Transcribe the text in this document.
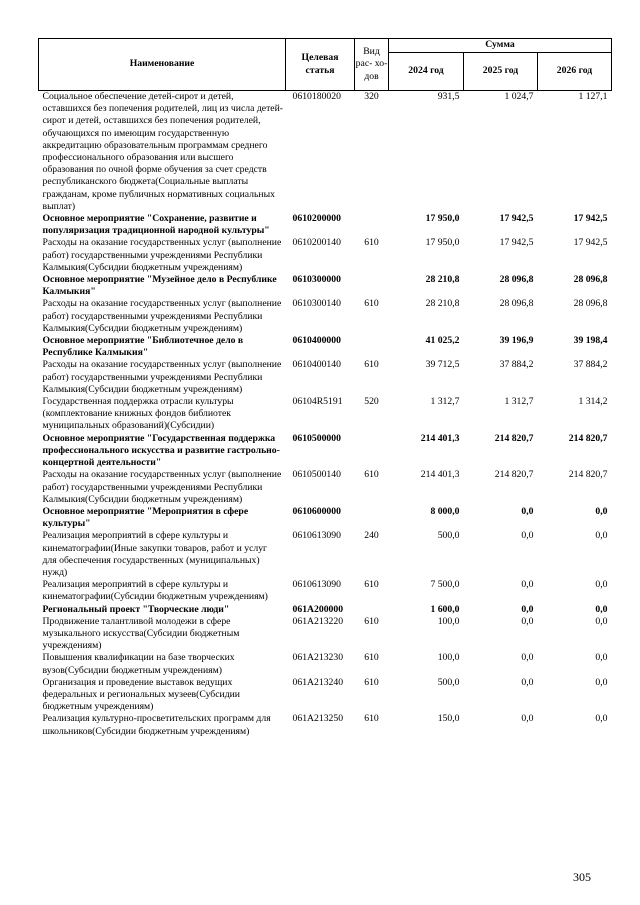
Наименование	Целевая статья	Вид рас- хо- дов	Сумма		
			2024 год	2025 год	2026 год
Социальное обеспечение детей-сирот и детей, оставшихся без попечения родителей, лиц из числа детей-сирот и детей, оставшихся без попечения родителей, обучающихся по имеющим государственную аккредитацию образовательным программам среднего профессионального образования или высшего образования по очной форме обучения за счет средств республиканского бюджета(Социальные выплаты гражданам, кроме публичных нормативных социальных выплат)	0610180020	320	931,5	1 024,7	1 127,1
Основное мероприятие "Сохранение, развитие и популяризация традиционной народной культуры"	0610200000		17 950,0	17 942,5	17 942,5
Расходы на оказание государственных услуг (выполнение работ) государственными учреждениями Республики Калмыкия(Субсидии бюджетным учреждениям)	0610200140	610	17 950,0	17 942,5	17 942,5
Основное мероприятие "Музейное дело в Республике Калмыкия"	0610300000		28 210,8	28 096,8	28 096,8
Расходы на оказание государственных услуг (выполнение работ) государственными учреждениями Республики Калмыкия(Субсидии бюджетным учреждениям)	0610300140	610	28 210,8	28 096,8	28 096,8
Основное мероприятие "Библиотечное дело в Республике Калмыкия"	0610400000		41 025,2	39 196,9	39 198,4
Расходы на оказание государственных услуг (выполнение работ) государственными учреждениями Республики Калмыкия(Субсидии бюджетным учреждениям)	0610400140	610	39 712,5	37 884,2	37 884,2
Государственная поддержка отрасли культуры (комплектование книжных фондов библиотек муниципальных образований)(Субсидии)	06104R5191	520	1 312,7	1 312,7	1 314,2
Основное мероприятие "Государственная поддержка профессионального искусства и развитие гастрольно-концертной деятельности"	0610500000		214 401,3	214 820,7	214 820,7
Расходы на оказание государственных услуг (выполнение работ) государственными учреждениями Республики Калмыкия(Субсидии бюджетным учреждениям)	0610500140	610	214 401,3	214 820,7	214 820,7
Основное мероприятие "Мероприятия в сфере культуры"	0610600000		8 000,0	0,0	0,0
Реализация мероприятий в сфере культуры и кинематографии(Иные закупки товаров, работ и услуг для обеспечения государственных (муниципальных) нужд)	0610613090	240	500,0	0,0	0,0
Реализация мероприятий в сфере культуры и кинематографии(Субсидии бюджетным учреждениям)	0610613090	610	7 500,0	0,0	0,0
Региональный проект "Творческие люди"	061A200000		1 600,0	0,0	0,0
Продвижение талантливой молодежи в сфере музыкального искусства(Субсидии бюджетным учреждениям)	061A213220	610	100,0	0,0	0,0
Повышения квалификации на базе творческих вузов(Субсидии бюджетным учреждениям)	061A213230	610	100,0	0,0	0,0
Организация и проведение выставок ведущих федеральных и региональных музеев(Субсидии бюджетным учреждениям)	061A213240	610	500,0	0,0	0,0
Реализация культурно-просветительских программ для школьников(Субсидии бюджетным учреждениям)	061A213250	610	150,0	0,0	0,0
305
